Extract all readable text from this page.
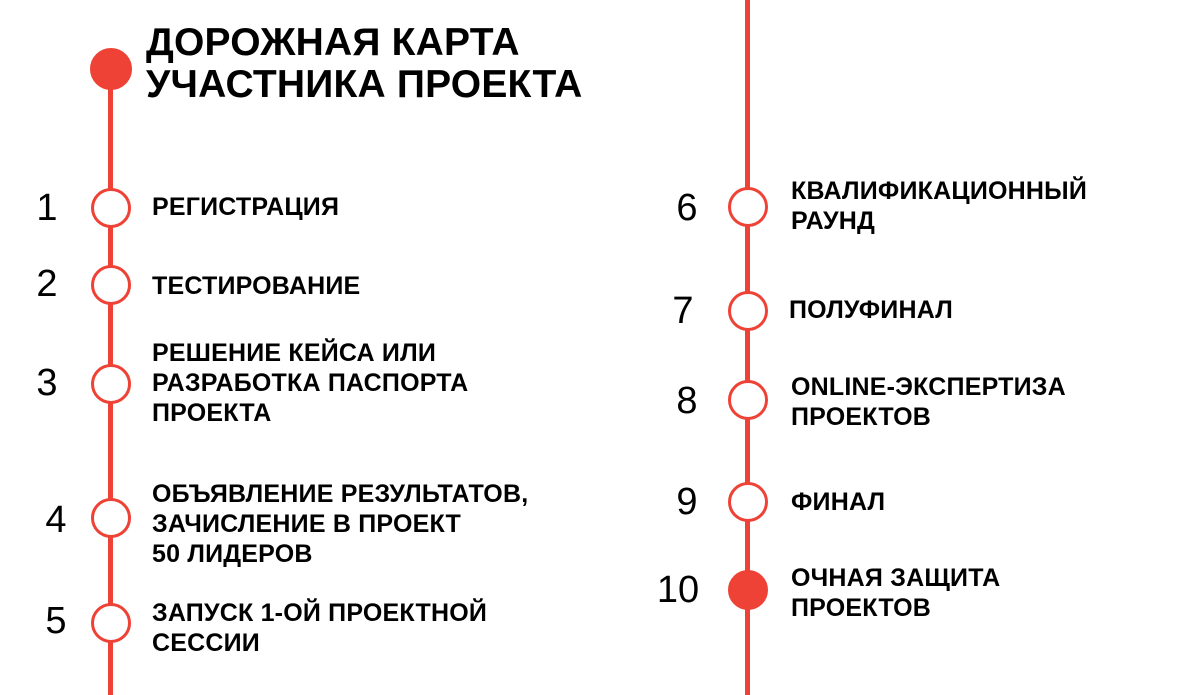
ДОРОЖНАЯ КАРТА
УЧАСТНИКА ПРОЕКТА
1	РЕГИСТРАЦИЯ
2	ТЕСТИРОВАНИЕ
3
РЕШЕНИЕ КЕЙСА ИЛИ
РАЗРАБОТКА ПАСПОРТА
ПРОЕКТА
4
ОБЪЯВЛЕНИЕ РЕЗУЛЬТАТОВ,
ЗАЧИСЛЕНИЕ В ПРОЕКТ
50 ЛИДЕРОВ
5	ЗАПУСК 1-ОЙ ПРОЕКТНОЙ
СЕССИИ
6	КВАЛИФИКАЦИОННЫЙ
РАУНД
7	ПОЛУФИНАЛ
8	ONLINE-ЭКСПЕРТИЗА
ПРОЕКТОВ
9	ФИНАЛ
10	ОЧНАЯ ЗАЩИТА
ПРОЕКТОВ
